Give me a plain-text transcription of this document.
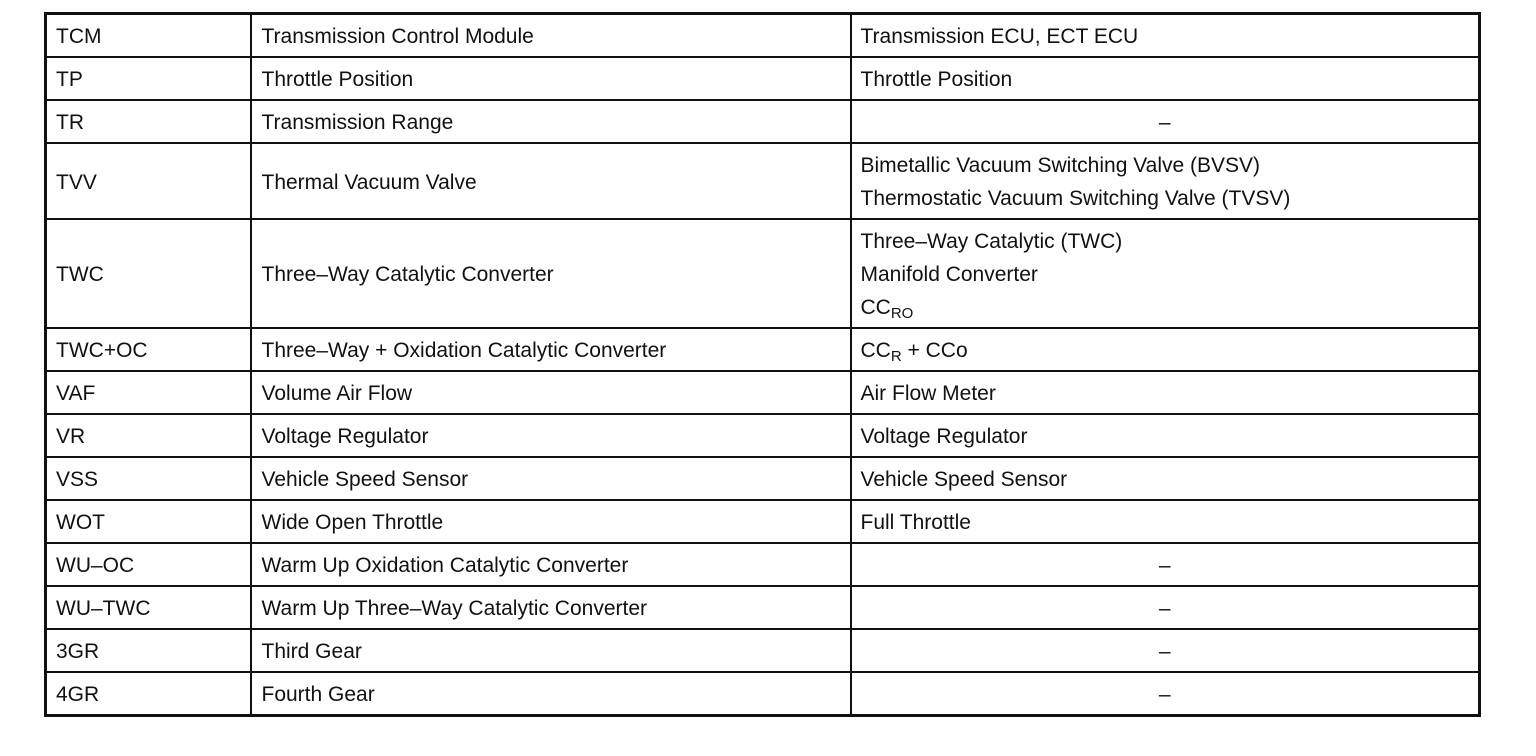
TCM	Transmission Control Module	Transmission ECU, ECT ECU

TP	Throttle Position	Throttle Position

TR	Transmission Range	–

TVV	Thermal Vacuum Valve	Bimetallic Vacuum Switching Valve (BVSV)
Thermostatic Vacuum Switching Valve (TVSV)

TWC	Three–Way Catalytic Converter	Three–Way Catalytic (TWC)
Manifold Converter
$CC_{RO}$

TWC+OC	Three–Way + Oxidation Catalytic Converter	$CC_R$ + CCo

VAF	Volume Air Flow	Air Flow Meter

VR	Voltage Regulator	Voltage Regulator

VSS	Vehicle Speed Sensor	Vehicle Speed Sensor

WOT	Wide Open Throttle	Full Throttle

WU–OC	Warm Up Oxidation Catalytic Converter	–

WU–TWC	Warm Up Three–Way Catalytic Converter	–

3GR	Third Gear	–

4GR	Fourth Gear	–
